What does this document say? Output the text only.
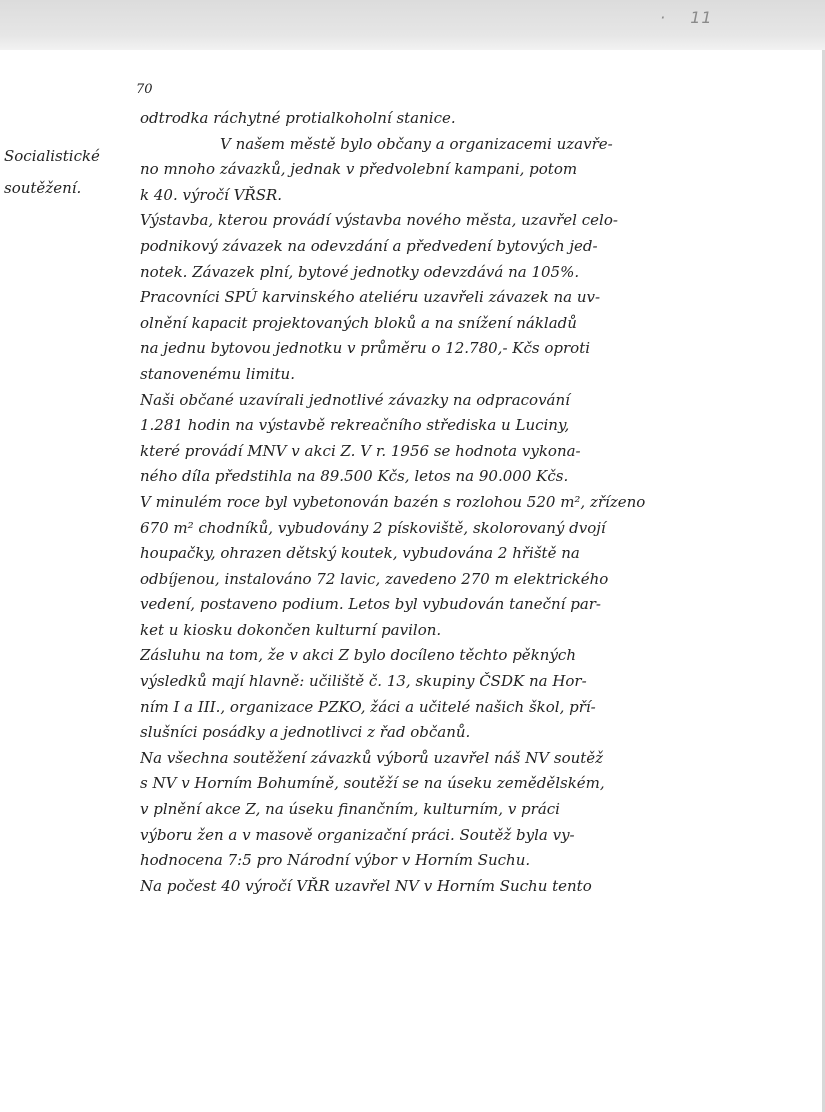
· 11
70
Socialistické soutěžení.
odtrodka ráchytné protialkoholní stanice.
V našem městě bylo občany a organizacemi uzavře-
no mnoho závazků, jednak v předvolební kampani, potom
k 40. výročí VŘSR.
Výstavba, kterou provádí výstavba nového města, uzavřel celo-
podnikový závazek na odevzdání a předvedení bytových jed-
notek. Závazek plní, bytové jednotky odevzdává na 105%.
Pracovníci SPÚ karvinského ateliéru uzavřeli závazek na uv-
olnění kapacit projektovaných bloků a na snížení nákladů
na jednu bytovou jednotku v průměru o 12.780,- Kčs oproti
stanovenému limitu.
Naši občané uzavírali jednotlivé závazky na odpracování
1.281 hodin na výstavbě rekreačního střediska u Luciny,
které provádí MNV v akci Z. V r. 1956 se hodnota vykona-
ného díla předstihla na 89.500 Kčs, letos na 90.000 Kčs.
V minulém roce byl vybetonován bazén s rozlohou 520 m², zřízeno
670 m² chodníků, vybudovány 2 pískoviště, skolorovaný dvojí
houpačky, ohrazen dětský koutek, vybudována 2 hřiště na
odbíjenou, instalováno 72 lavic, zavedeno 270 m elektrického
vedení, postaveno podium. Letos byl vybudován taneční par-
ket u kiosku dokončen kulturní pavilon.
Zásluhu na tom, že v akci Z bylo docíleno těchto pěkných
výsledků mají hlavně: učiliště č. 13, skupiny ČSDK na Hor-
ním I a III., organizace PZKO, žáci a učitelé našich škol, pří-
slušníci posádky a jednotlivci z řad občanů.
Na všechna soutěžení závazků výborů uzavřel náš NV soutěž
s NV v Horním Bohumíně, soutěží se na úseku zemědělském,
v plnění akce Z, na úseku finančním, kulturním, v práci
výboru žen a v masově organizační práci. Soutěž byla vy-
hodnocena 7:5 pro Národní výbor v Horním Suchu.
Na počest 40 výročí VŘR uzavřel NV v Horním Suchu tento
